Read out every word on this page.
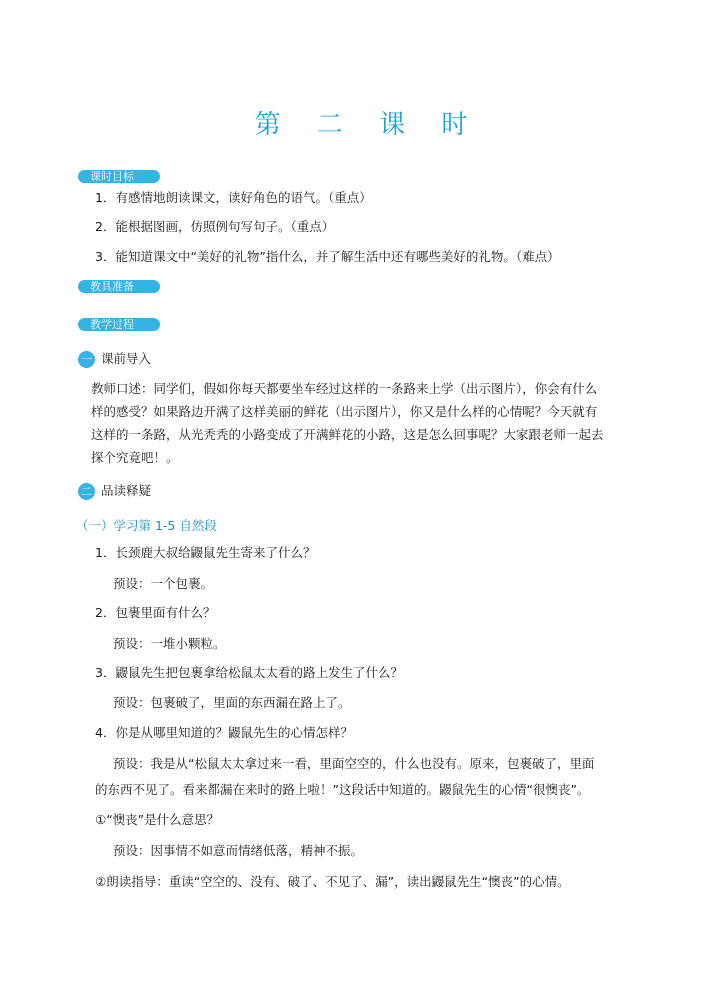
第 二 课 时
课时目标
1．有感情地朗读课文，读好角色的语气。（重点）
2．能根据图画，仿照例句写句子。（重点）
3．能知道课文中“美好的礼物”指什么，并了解生活中还有哪些美好的礼物。（难点）
教具准备
教学过程
一 课前导入

教师口述：同学们，假如你每天都要坐车经过这样的一条路来上学（出示图片），你会有什么

样的感受？如果路边开满了这样美丽的鲜花（出示图片），你又是什么样的心情呢？今天就有

这样的一条路，从光秃秃的小路变成了开满鲜花的小路，这是怎么回事呢？大家跟老师一起去

探个究竟吧！。

二 品读释疑
（一）学习第 1-5 自然段
1．长颈鹿大叔给鼹鼠先生寄来了什么？
预设：一个包裹。
2．包裹里面有什么？
预设：一堆小颗粒。
3．鼹鼠先生把包裹拿给松鼠太太看的路上发生了什么？
预设：包裹破了，里面的东西漏在路上了。
4．你是从哪里知道的？鼹鼠先生的心情怎样？
预设：我是从“松鼠太太拿过来一看，里面空空的，什么也没有。原来，包裹破了，里面
的东西不见了。看来都漏在来时的路上啦！”这段话中知道的。鼹鼠先生的心情“很懊丧”。
①“懊丧”是什么意思？
预设：因事情不如意而情绪低落，精神不振。
②朗读指导：重读“空空的、没有、破了、不见了、漏”，读出鼹鼠先生“懊丧”的心情。
